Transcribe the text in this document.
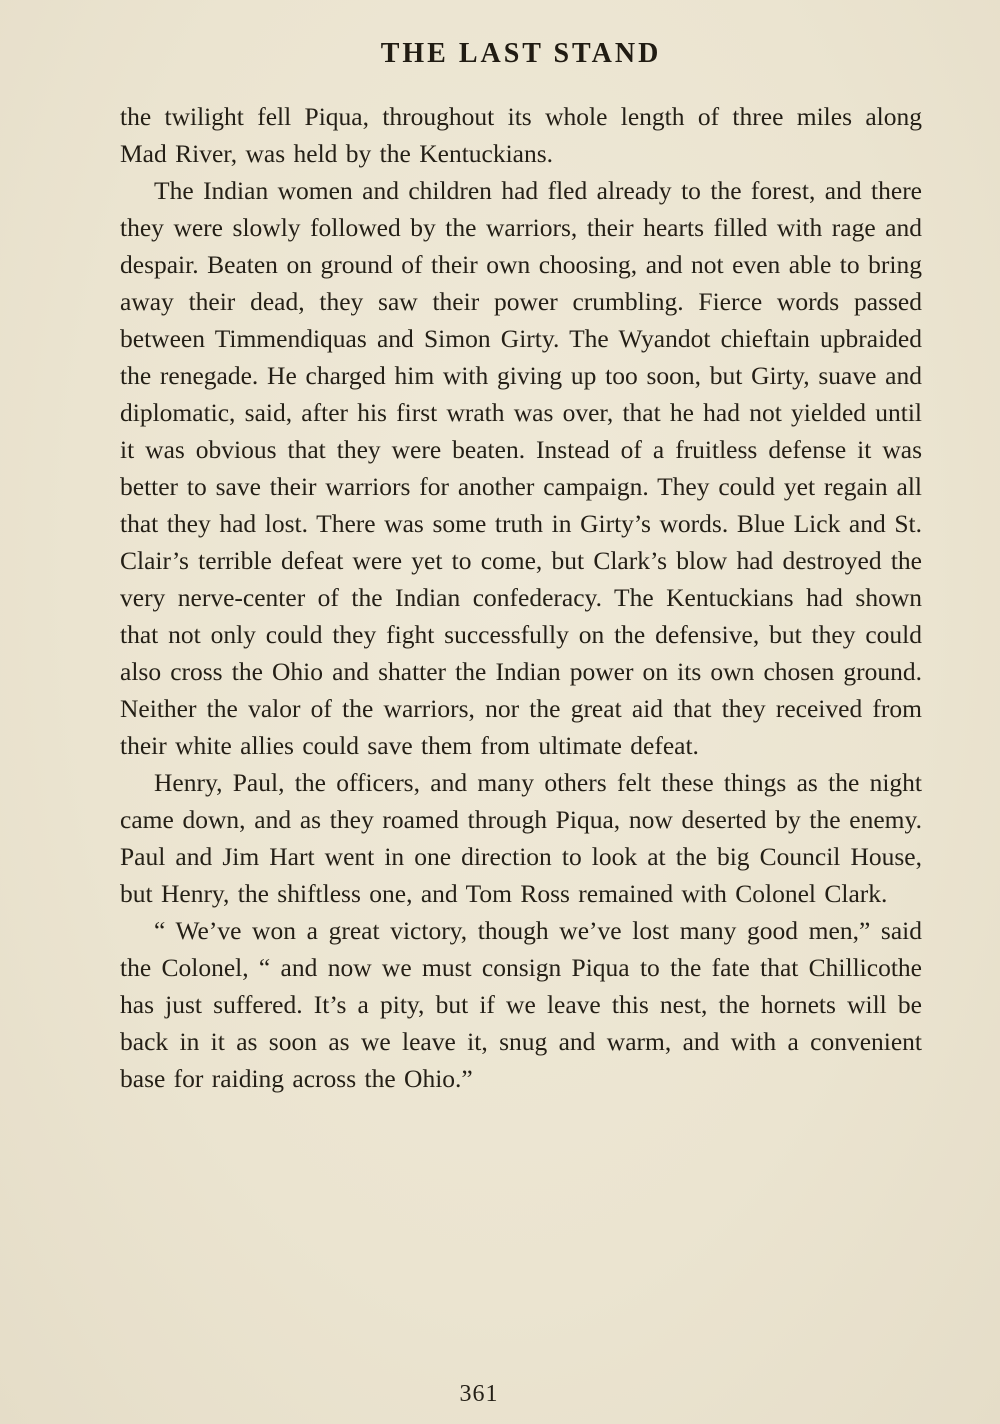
THE LAST STAND

the twilight fell Piqua, throughout its whole length of three miles along Mad River, was held by the Kentuckians.

The Indian women and children had fled already to the forest, and there they were slowly followed by the warriors, their hearts filled with rage and despair. Beaten on ground of their own choosing, and not even able to bring away their dead, they saw their power crumbling. Fierce words passed between Timmendiquas and Simon Girty. The Wyandot chieftain upbraided the renegade. He charged him with giving up too soon, but Girty, suave and diplomatic, said, after his first wrath was over, that he had not yielded until it was obvious that they were beaten. Instead of a fruitless defense it was better to save their warriors for another campaign. They could yet regain all that they had lost. There was some truth in Girty’s words. Blue Lick and St. Clair’s terrible defeat were yet to come, but Clark’s blow had destroyed the very nerve-center of the Indian confederacy. The Kentuckians had shown that not only could they fight successfully on the defensive, but they could also cross the Ohio and shatter the Indian power on its own chosen ground. Neither the valor of the warriors, nor the great aid that they received from their white allies could save them from ultimate defeat.

Henry, Paul, the officers, and many others felt these things as the night came down, and as they roamed through Piqua, now deserted by the enemy. Paul and Jim Hart went in one direction to look at the big Council House, but Henry, the shiftless one, and Tom Ross remained with Colonel Clark.

“ We’ve won a great victory, though we’ve lost many good men,” said the Colonel, “ and now we must consign Piqua to the fate that Chillicothe has just suffered. It’s a pity, but if we leave this nest, the hornets will be back in it as soon as we leave it, snug and warm, and with a convenient base for raiding across the Ohio.”

361
